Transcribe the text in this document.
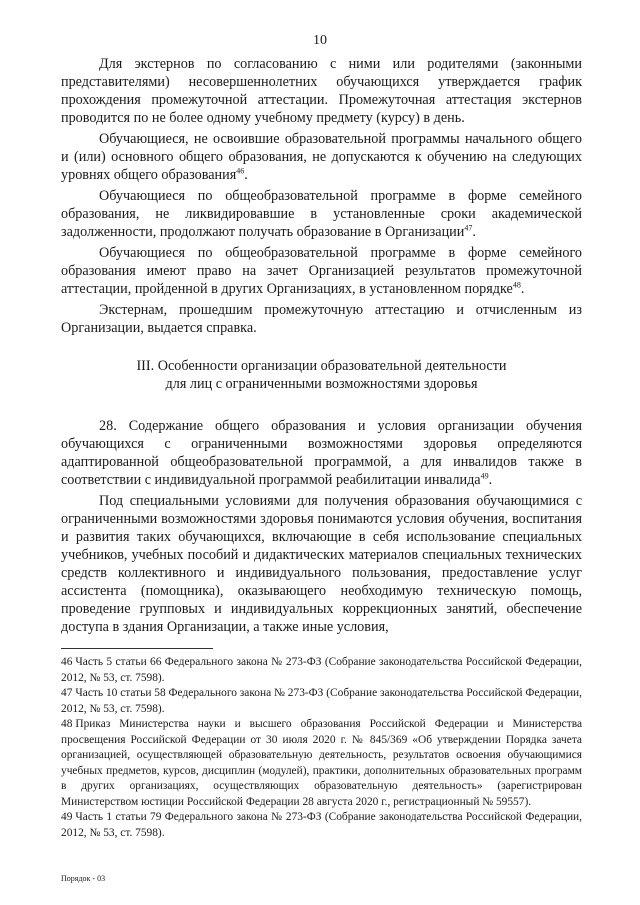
10

Для экстернов по согласованию с ними или родителями (законными представителями) несовершеннолетних обучающихся утверждается график прохождения промежуточной аттестации. Промежуточная аттестация экстернов проводится по не более одному учебному предмету (курсу) в день.

Обучающиеся, не освоившие образовательной программы начального общего и (или) основного общего образования, не допускаются к обучению на следующих уровнях общего образования$^{46}$.

Обучающиеся по общеобразовательной программе в форме семейного образования, не ликвидировавшие в установленные сроки академической задолженности, продолжают получать образование в Организации$^{47}$.

Обучающиеся по общеобразовательной программе в форме семейного образования имеют право на зачет Организацией результатов промежуточной аттестации, пройденной в других Организациях, в установленном порядке$^{48}$.

Экстернам, прошедшим промежуточную аттестацию и отчисленным из Организации, выдается справка.

III. Особенности организации образовательной деятельности
для лиц с ограниченными возможностями здоровья

28. Содержание общего образования и условия организации обучения обучающихся с ограниченными возможностями здоровья определяются адаптированной общеобразовательной программой, а для инвалидов также в соответствии с индивидуальной программой реабилитации инвалида$^{49}$.

Под специальными условиями для получения образования обучающимися с ограниченными возможностями здоровья понимаются условия обучения, воспитания и развития таких обучающихся, включающие в себя использование специальных учебников, учебных пособий и дидактических материалов специальных технических средств коллективного и индивидуального пользования, предоставление услуг ассистента (помощника), оказывающего необходимую техническую помощь, проведение групповых и индивидуальных коррекционных занятий, обеспечение доступа в здания Организации, а также иные условия,

46 Часть 5 статьи 66 Федерального закона № 273-ФЗ (Собрание законодательства Российской Федерации, 2012, № 53, ст. 7598).

47 Часть 10 статьи 58 Федерального закона № 273-ФЗ (Собрание законодательства Российской Федерации, 2012, № 53, ст. 7598).

48 Приказ Министерства науки и высшего образования Российской Федерации и Министерства просвещения Российской Федерации от 30 июля 2020 г. № 845/369 «Об утверждении Порядка зачета организацией, осуществляющей образовательную деятельность, результатов освоения обучающимися учебных предметов, курсов, дисциплин (модулей), практики, дополнительных образовательных программ в других организациях, осуществляющих образовательную деятельность» (зарегистрирован Министерством юстиции Российской Федерации 28 августа 2020 г., регистрационный № 59557).

49 Часть 1 статьи 79 Федерального закона № 273-ФЗ (Собрание законодательства Российской Федерации, 2012, № 53, ст. 7598).

Порядок - 03
